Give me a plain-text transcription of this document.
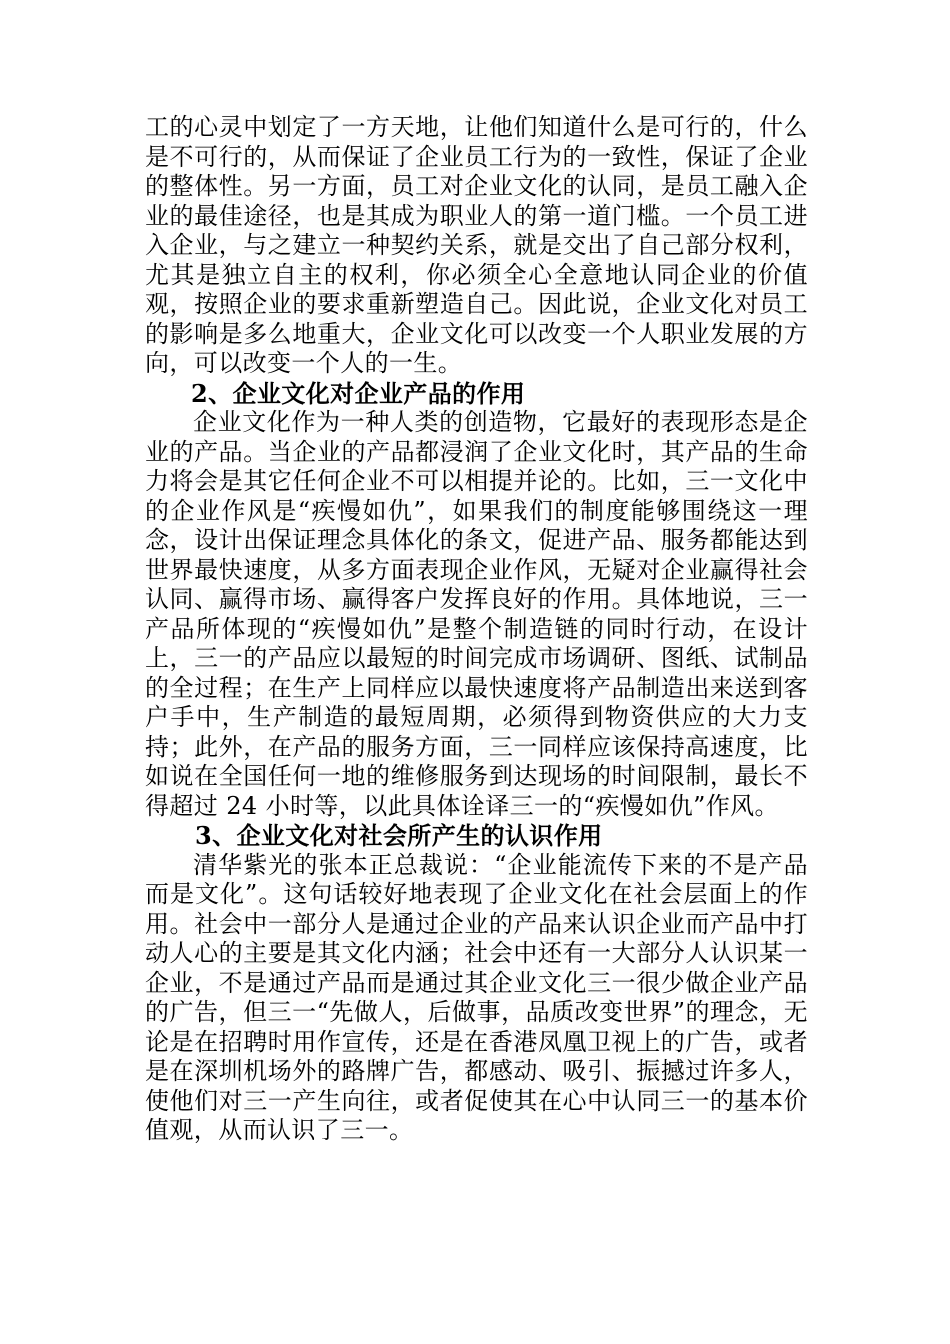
工的心灵中划定了一方天地，让他们知道什么是可行的，什么是不可行的，从而保证了企业员工行为的一致性，保证了企业的整体性。另一方面，员工对企业文化的认同，是员工融入企业的最佳途径，也是其成为职业人的第一道门槛。一个员工进入企业，与之建立一种契约关系，就是交出了自己部分权利，尤其是独立自主的权利，你必须全心全意地认同企业的价值观，按照企业的要求重新塑造自己。因此说，企业文化对员工的影响是多么地重大，企业文化可以改变一个人职业发展的方向，可以改变一个人的一生。

2、企业文化对企业产品的作用

企业文化作为一种人类的创造物，它最好的表现形态是企业的产品。当企业的产品都浸润了企业文化时，其产品的生命力将会是其它任何企业不可以相提并论的。比如，三一文化中的企业作风是“疾慢如仇”，如果我们的制度能够围绕这一理念，设计出保证理念具体化的条文，促进产品、服务都能达到世界最快速度，从多方面表现企业作风，无疑对企业赢得社会认同、赢得市场、赢得客户发挥良好的作用。具体地说，三一产品所体现的“疾慢如仇”是整个制造链的同时行动，在设计上，三一的产品应以最短的时间完成市场调研、图纸、试制品的全过程；在生产上同样应以最快速度将产品制造出来送到客户手中，生产制造的最短周期，必须得到物资供应的大力支持；此外，在产品的服务方面，三一同样应该保持高速度，比如说在全国任何一地的维修服务到达现场的时间限制，最长不得超过 24 小时等，以此具体诠译三一的“疾慢如仇”作风。

3、企业文化对社会所产生的认识作用

清华紫光的张本正总裁说：“企业能流传下来的不是产品而是文化”。这句话较好地表现了企业文化在社会层面上的作用。社会中一部分人是通过企业的产品来认识企业而产品中打动人心的主要是其文化内涵；社会中还有一大部分人认识某一企业，不是通过产品而是通过其企业文化三一很少做企业产品的广告，但三一“先做人，后做事，品质改变世界”的理念，无论是在招聘时用作宣传，还是在香港凤凰卫视上的广告，或者是在深圳机场外的路牌广告，都感动、吸引、振撼过许多人，使他们对三一产生向往，或者促使其在心中认同三一的基本价值观，从而认识了三一。
